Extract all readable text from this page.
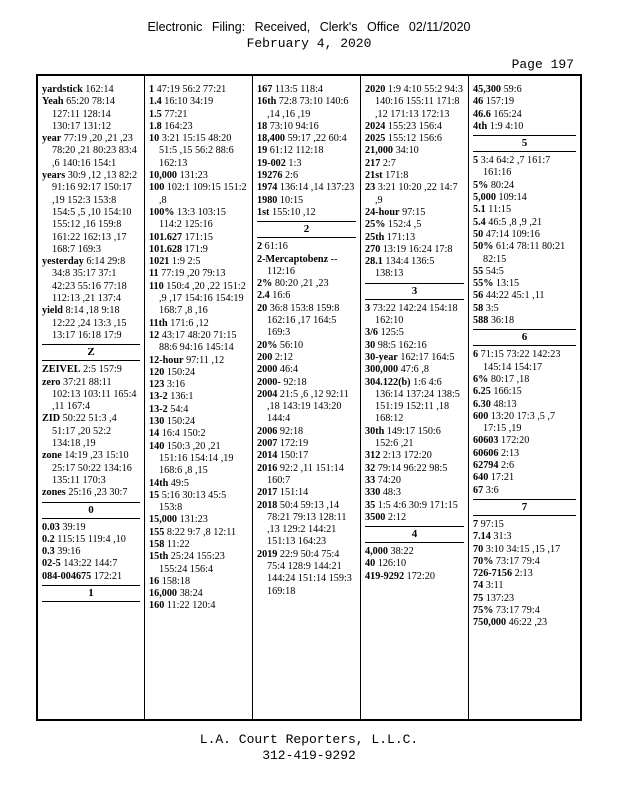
Electronic Filing: Received, Clerk's Office 02/11/2020
February 4, 2020
Page 197
yardstick 162:14
Yeah 65:20 78:14 127:11 128:14 130:17 131:12
year 77:19 ,20 ,21 ,23 78:20 ,21 80:23 83:4 ,6 140:16 154:1
years 30:9 ,12 ,13 82:2 91:16 92:17 150:17 ,19 152:3 153:8 154:5 ,5 ,10 154:10 155:12 ,16 159:8 161:22 162:13 ,17 168:7 169:3
yesterday 6:14 29:8 34:8 35:17 37:1 42:23 55:16 77:18 112:13 ,21 137:4
yield 8:14 ,18 9:18 12:22 ,24 13:3 ,15 13:17 16:18 17:9
Z
ZEIVEL 2:5 157:9
zero 37:21 88:11 102:13 103:11 165:4 ,11 167:4
ZID 50:22 51:3 ,4 51:17 ,20 52:2 134:18 ,19
zone 14:19 ,23 15:10 25:17 50:22 134:16 135:11 170:3
zones 25:16 ,23 30:7
0
0.03 39:19
0.2 115:15 119:4 ,10
0.3 39:16
02-5 143:22 144:7
084-004675 172:21
1
1 47:19 56:2 77:21
1.4 16:10 34:19
1.5 77:21
1.8 164:23
10 3:21 15:15 48:20 51:5 ,15 56:2 88:6 162:13
10,000 131:23
100 102:1 109:15 151:2 ,8
100% 13:3 103:15 114:2 125:16
101.627 171:15
101.628 171:9
1021 1:9 2:5
11 77:19 ,20 79:13
110 150:4 ,20 ,22 151:2 ,9 ,17 154:16 154:19 168:7 ,8 ,16
11th 171:6 ,12
12 43:17 48:20 71:15 88:6 94:16 145:14
12-hour 97:11 ,12
120 150:24
123 3:16
13-2 136:1
13-2 54:4
130 150:24
14 16:4 150:2
140 150:3 ,20 ,21 151:16 154:14 ,19 168:6 ,8 ,15
14th 49:5
15 5:16 30:13 45:5 153:8
15,000 131:23
155 8:22 9:7 ,8 12:11
158 11:22
15th 25:24 155:23 155:24 156:4
16 158:18
16,000 38:24
160 11:22 120:4
167 113:5 118:4
16th 72:8 73:10 140:6 ,14 ,16 ,19
18 73:10 94:16
18,400 59:17 ,22 60:4
19 61:12 112:18
19-002 1:3
19276 2:6
1974 136:14 ,14 137:23
1980 10:15
1st 155:10 ,12
2
2 61:16
2-Mercaptobenz -- 112:16
2% 80:20 ,21 ,23
2.4 16:6
20 36:8 153:8 159:8 162:16 ,17 164:5 169:3
20% 56:10
200 2:12
2000 46:4
2000- 92:18
2004 21:5 ,6 ,12 92:11 ,18 143:19 143:20 144:4
2006 92:18
2007 172:19
2014 150:17
2016 92:2 ,11 151:14 160:7
2017 151:14
2018 50:4 59:13 ,14 78:21 79:13 128:11 ,13 129:2 144:21 151:13 164:23
2019 22:9 50:4 75:4 75:4 128:9 144:21 144:24 151:14 159:3 169:18
2020 1:9 4:10 55:2 94:3 140:16 155:11 171:8 ,12 171:13 172:13
2024 155:23 156:4
2025 155:12 156:6
21,000 34:10
217 2:7
21st 171:8
23 3:21 10:20 ,22 14:7 ,9
24-hour 97:15
25% 152:4 ,5
25th 171:13
270 13:19 16:24 17:8
28.1 134:4 136:5 138:13
3
3 73:22 142:24 154:18 162:10
3/6 125:5
30 98:5 162:16
30-year 162:17 164:5
300,000 47:6 ,8
304.122(b) 1:6 4:6 136:14 137:24 138:5 151:19 152:11 ,18 168:12
30th 149:17 150:6 152:6 ,21
312 2:13 172:20
32 79:14 96:22 98:5
33 74:20
330 48:3
35 1:5 4:6 30:9 171:15
3500 2:12
4
4,000 38:22
40 126:10
419-9292 172:20
45,300 59:6
46 157:19
46.6 165:24
4th 1:9 4:10
5
5 3:4 64:2 ,7 161:7 161:16
5% 80:24
5,000 109:14
5.1 11:15
5.4 46:5 ,8 ,9 ,21
50 47:14 109:16
50% 61:4 78:11 80:21 82:15
55 54:5
55% 13:15
56 44:22 45:1 ,11
58 3:5
588 36:18
6
6 71:15 73:22 142:23 145:14 154:17
6% 80:17 ,18
6.25 166:15
6.30 48:13
600 13:20 17:3 ,5 ,7 17:15 ,19
60603 172:20
60606 2:13
62794 2:6
640 17:21
67 3:6
7
7 97:15
7.14 31:3
70 3:10 34:15 ,15 ,17
70% 73:17 79:4
726-7156 2:13
74 3:11
75 137:23
75% 73:17 79:4
750,000 46:22 ,23
L.A. Court Reporters, L.L.C.
312-419-9292
